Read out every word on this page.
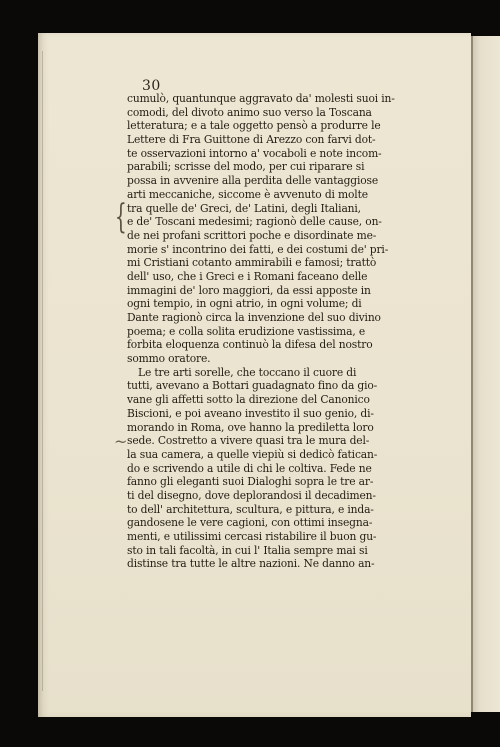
30
{
~
cumulò, quantunque aggravato da' molesti suoi in-
comodi, del divoto animo suo verso la Toscana
letteratura; e a tale oggetto pensò a produrre le
Lettere di Fra Guittone di Arezzo con farvi dot-
te osservazioni intorno a' vocaboli e note incom-
parabili; scrisse del modo, per cui riparare si
possa in avvenire alla perdita delle vantaggiose
arti meccaniche, siccome è avvenuto di molte
tra quelle de' Greci, de' Latini, degli Italiani,
e de' Toscani medesimi; ragionò delle cause, on-
de nei profani scrittori poche e disordinate me-
morie s' incontrino dei fatti, e dei costumi de' pri-
mi Cristiani cotanto ammirabili e famosi; trattò
dell' uso, che i Greci e i Romani faceano delle
immagini de' loro maggiori, da essi apposte in
ogni tempio, in ogni atrio, in ogni volume; di
Dante ragionò circa la invenzione del suo divino
poema; e colla solita erudizione vastissima, e
forbita eloquenza continuò la difesa del nostro
sommo oratore.
Le tre arti sorelle, che toccano il cuore di
tutti, avevano a Bottari guadagnato fino da gio-
vane gli affetti sotto la direzione del Canonico
Biscioni, e poi aveano investito il suo genio, di-
morando in Roma, ove hanno la prediletta loro
sede. Costretto a vivere quasi tra le mura del-
la sua camera, a quelle viepiù si dedicò fatican-
do e scrivendo a utile di chi le coltiva. Fede ne
fanno gli eleganti suoi Dialoghi sopra le tre ar-
ti del disegno, dove deplorandosi il decadimen-
to dell' architettura, scultura, e pittura, e inda-
gandosene le vere cagioni, con ottimi insegna-
menti, e utilissimi cercasi ristabilire il buon gu-
sto in tali facoltà, in cui l' Italia sempre mai si
distinse tra tutte le altre nazioni. Ne danno an-
